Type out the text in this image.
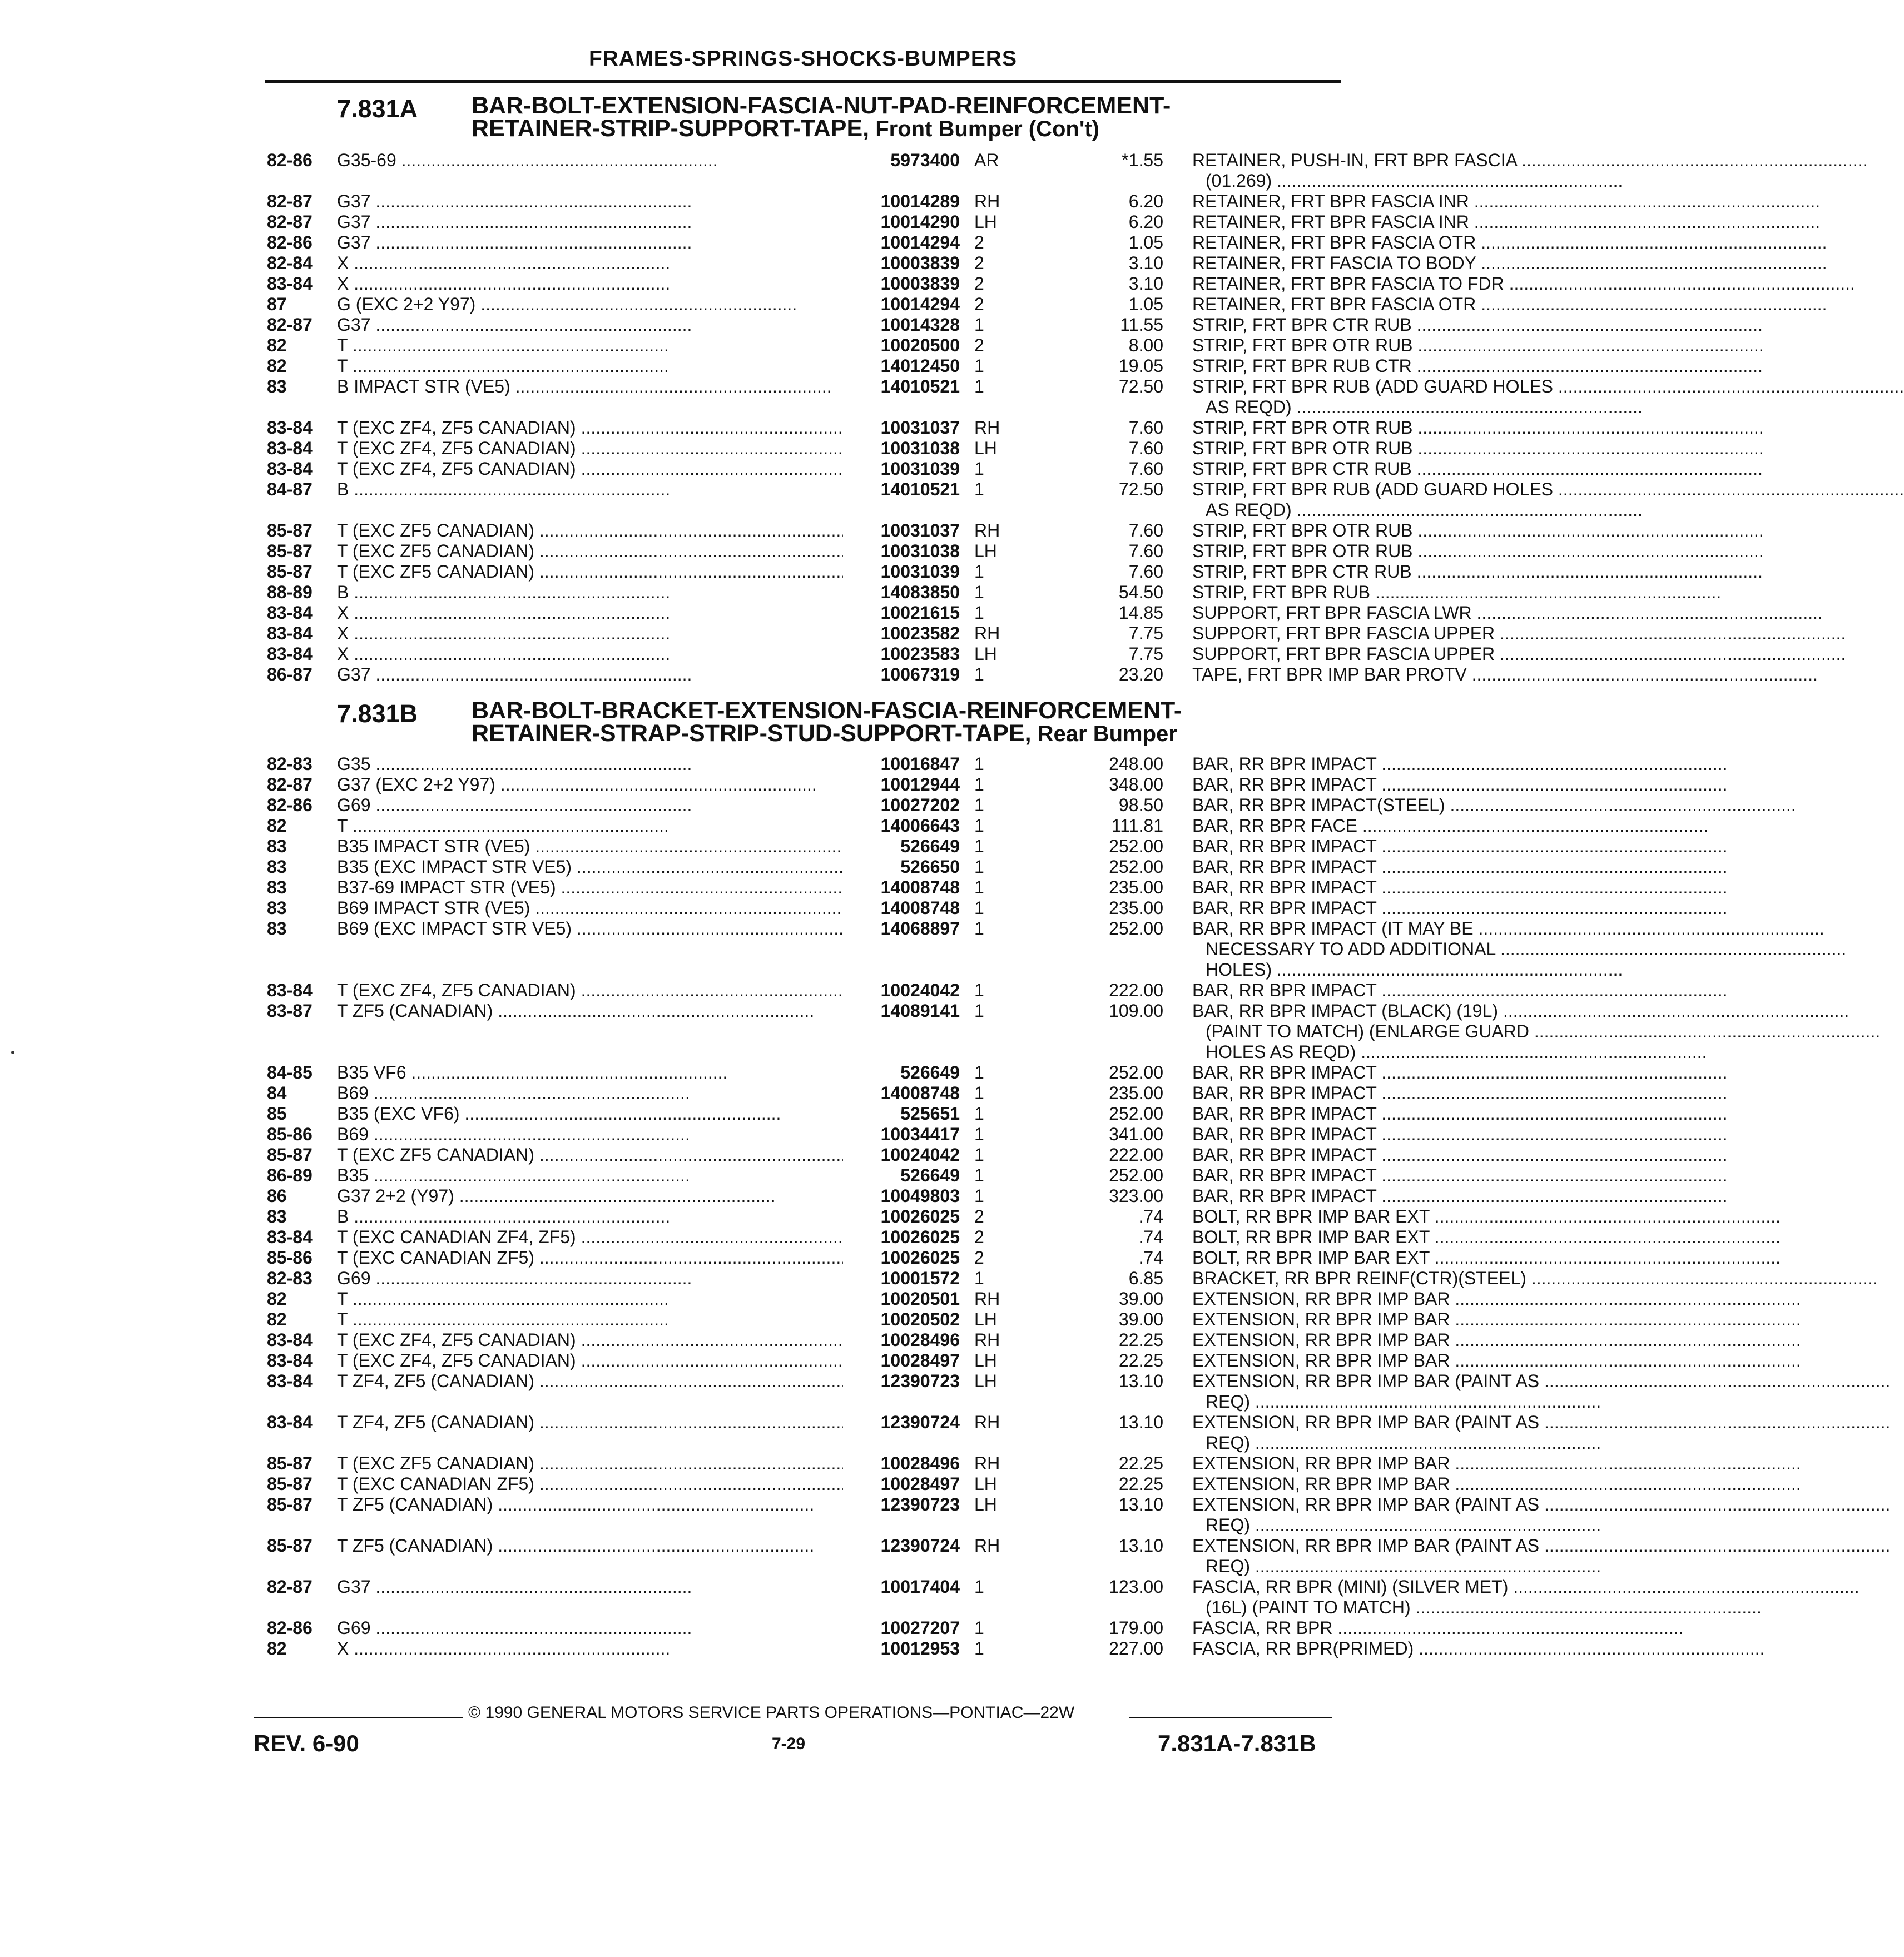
FRAMES-SPRINGS-SHOCKS-BUMPERS
7.831A BAR-BOLT-EXTENSION-FASCIA-NUT-PAD-REINFORCEMENT-
RETAINER-STRIP-SUPPORT-TAPE, Front Bumper (Con't)
82-86 G35-69 .....	5973400 AR	*1.55 RETAINER, PUSH-IN, FRT BPR FASCIA .....
(01.269) .....
82-87 G37 .....	10014289 RH	6.20 RETAINER, FRT BPR FASCIA INR .....
82-87 G37 .....	10014290 LH	6.20 RETAINER, FRT BPR FASCIA INR .....
82-86 G37 .....	10014294 2	1.05 RETAINER, FRT BPR FASCIA OTR .....
82-84 X .....	10003839 2	3.10 RETAINER, FRT FASCIA TO BODY .....
83-84 X .....	10003839 2	3.10 RETAINER, FRT BPR FASCIA TO FDR .....
87	G (EXC 2+2 Y97) .....	10014294 2	1.05 RETAINER, FRT BPR FASCIA OTR .....
82-87 G37 .....	10014328 1	11.55 STRIP, FRT BPR CTR RUB .....
82	T .....	10020500 2	8.00 STRIP, FRT BPR OTR RUB .....
82	T .....	14012450 1	19.05 STRIP, FRT BPR RUB CTR .....
83	B IMPACT STR (VE5) .....	14010521 1	72.50 STRIP, FRT BPR RUB (ADD GUARD HOLES .....
AS REQD) .....
83-84 T (EXC ZF4, ZF5 CANADIAN) .....	10031037 RH	7.60 STRIP, FRT BPR OTR RUB .....
83-84 T (EXC ZF4, ZF5 CANADIAN) .....	10031038 LH	7.60 STRIP, FRT BPR OTR RUB .....
83-84 T (EXC ZF4, ZF5 CANADIAN) .....	10031039 1	7.60 STRIP, FRT BPR CTR RUB .....
84-87 B .....	14010521 1	72.50 STRIP, FRT BPR RUB (ADD GUARD HOLES .....
AS REQD) .....
85-87 T (EXC ZF5 CANADIAN) .....	10031037 RH	7.60 STRIP, FRT BPR OTR RUB .....
85-87 T (EXC ZF5 CANADIAN) .....	10031038 LH	7.60 STRIP, FRT BPR OTR RUB .....
85-87 T (EXC ZF5 CANADIAN) .....	10031039 1	7.60 STRIP, FRT BPR CTR RUB .....
88-89 B .....	14083850 1	54.50 STRIP, FRT BPR RUB .....
83-84 X .....	10021615 1	14.85 SUPPORT, FRT BPR FASCIA LWR .....
83-84 X .....	10023582 RH	7.75 SUPPORT, FRT BPR FASCIA UPPER .....
83-84 X .....	10023583 LH	7.75 SUPPORT, FRT BPR FASCIA UPPER .....
86-87 G37 .....	10067319 1	23.20 TAPE, FRT BPR IMP BAR PROTV .....
7.831B BAR-BOLT-BRACKET-EXTENSION-FASCIA-REINFORCEMENT-
RETAINER-STRAP-STRIP-STUD-SUPPORT-TAPE, Rear Bumper
82-83 G35 .....	10016847 1	248.00 BAR, RR BPR IMPACT .....
82-87 G37 (EXC 2+2 Y97) .....	10012944 1	348.00 BAR, RR BPR IMPACT .....
82-86 G69 .....	10027202 1	98.50 BAR, RR BPR IMPACT(STEEL) .....
82	T .....	14006643 1	111.81 BAR, RR BPR FACE .....
83	B35 IMPACT STR (VE5) .....	526649 1	252.00 BAR, RR BPR IMPACT .....
83	B35 (EXC IMPACT STR VE5) .....	526650 1	252.00 BAR, RR BPR IMPACT .....
83	B37-69 IMPACT STR (VE5) .....	14008748 1	235.00 BAR, RR BPR IMPACT .....
83	B69 IMPACT STR (VE5) .....	14008748 1	235.00 BAR, RR BPR IMPACT .....
83	B69 (EXC IMPACT STR VE5) .....	14068897 1	252.00 BAR, RR BPR IMPACT (IT MAY BE .....
NECESSARY TO ADD ADDITIONAL .....
HOLES) .....
83-84 T (EXC ZF4, ZF5 CANADIAN) .....	10024042 1	222.00 BAR, RR BPR IMPACT .....
83-87 T ZF5 (CANADIAN) .....	14089141 1	109.00 BAR, RR BPR IMPACT (BLACK) (19L) .....
(PAINT TO MATCH) (ENLARGE GUARD .....
HOLES AS REQD) .....
84-85 B35 VF6 .....	526649 1	252.00 BAR, RR BPR IMPACT .....
84	B69 .....	14008748 1	235.00 BAR, RR BPR IMPACT .....
85	B35 (EXC VF6) .....	525651 1	252.00 BAR, RR BPR IMPACT .....
85-86 B69 .....	10034417 1	341.00 BAR, RR BPR IMPACT .....
85-87 T (EXC ZF5 CANADIAN) .....	10024042 1	222.00 BAR, RR BPR IMPACT .....
86-89 B35 .....	526649 1	252.00 BAR, RR BPR IMPACT .....
86	G37 2+2 (Y97) .....	10049803 1	323.00 BAR, RR BPR IMPACT .....
83	B .....	10026025 2	.74 BOLT, RR BPR IMP BAR EXT .....
83-84 T (EXC CANADIAN ZF4, ZF5) .....	10026025 2	.74 BOLT, RR BPR IMP BAR EXT .....
85-86 T (EXC CANADIAN ZF5) .....	10026025 2	.74 BOLT, RR BPR IMP BAR EXT .....
82-83 G69 .....	10001572 1	6.85 BRACKET, RR BPR REINF(CTR)(STEEL) .....
82	T .....	10020501 RH	39.00 EXTENSION, RR BPR IMP BAR .....
82	T .....	10020502 LH	39.00 EXTENSION, RR BPR IMP BAR .....
83-84 T (EXC ZF4, ZF5 CANADIAN) .....	10028496 RH	22.25 EXTENSION, RR BPR IMP BAR .....
83-84 T (EXC ZF4, ZF5 CANADIAN) .....	10028497 LH	22.25 EXTENSION, RR BPR IMP BAR .....
83-84 T ZF4, ZF5 (CANADIAN) .....	12390723 LH	13.10 EXTENSION, RR BPR IMP BAR (PAINT AS .....
REQ) .....
83-84 T ZF4, ZF5 (CANADIAN) .....	12390724 RH	13.10 EXTENSION, RR BPR IMP BAR (PAINT AS .....
REQ) .....
85-87 T (EXC ZF5 CANADIAN) .....	10028496 RH	22.25 EXTENSION, RR BPR IMP BAR .....
85-87 T (EXC CANADIAN ZF5) .....	10028497 LH	22.25 EXTENSION, RR BPR IMP BAR .....
85-87 T ZF5 (CANADIAN) .....	12390723 LH	13.10 EXTENSION, RR BPR IMP BAR (PAINT AS .....
REQ) .....
85-87 T ZF5 (CANADIAN) .....	12390724 RH	13.10 EXTENSION, RR BPR IMP BAR (PAINT AS .....
REQ) .....
82-87 G37 .....	10017404 1	123.00 FASCIA, RR BPR (MINI) (SILVER MET) .....
(16L) (PAINT TO MATCH) .....
82-86 G69 .....	10027207 1	179.00 FASCIA, RR BPR .....
82	X .....	10012953 1	227.00 FASCIA, RR BPR(PRIMED) .....
© 1990 GENERAL MOTORS SERVICE PARTS OPERATIONS—PONTIAC—22W
REV. 6-90	7-29	7.831A-7.831B
